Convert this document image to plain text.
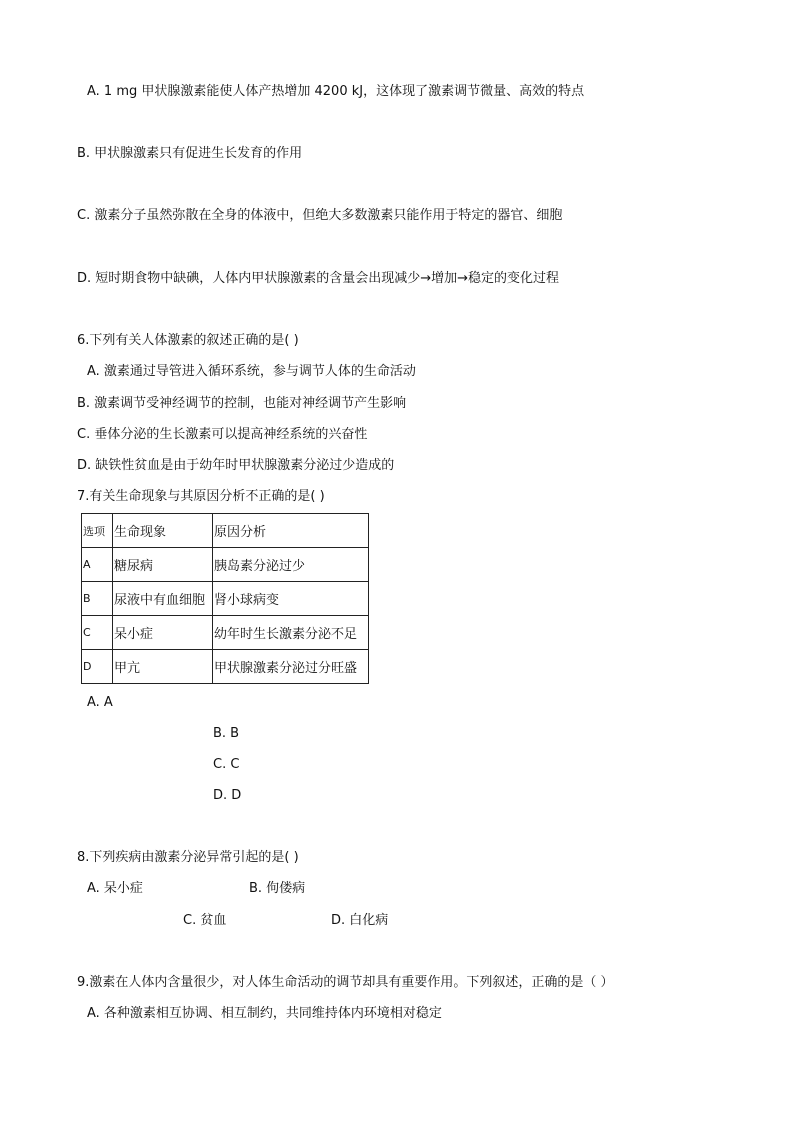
A. 1 mg 甲状腺激素能使人体产热增加 4200 kJ，这体现了激素调节微量、高效的特点
B. 甲状腺激素只有促进生长发育的作用
C. 激素分子虽然弥散在全身的体液中，但绝大多数激素只能作用于特定的器官、细胞
D. 短时期食物中缺碘，人体内甲状腺激素的含量会出现减少→增加→稳定的变化过程
6.下列有关人体激素的叙述正确的是( )
A. 激素通过导管进入循环系统，参与调节人体的生命活动
B. 激素调节受神经调节的控制，也能对神经调节产生影响
C. 垂体分泌的生长激素可以提高神经系统的兴奋性
D. 缺铁性贫血是由于幼年时甲状腺激素分泌过少造成的
7.有关生命现象与其原因分析不正确的是( )
选项	生命现象	原因分析
A	糖尿病	胰岛素分泌过少
B	尿液中有血细胞	肾小球病变
C	呆小症	幼年时生长激素分泌不足
D	甲亢	甲状腺激素分泌过分旺盛
A. A
B. B
C. C
D. D
8.下列疾病由激素分泌异常引起的是( )
A. 呆小症	B. 佝偻病
C. 贫血	D. 白化病
9.激素在人体内含量很少，对人体生命活动的调节却具有重要作用。下列叙述，正确的是（ ）
A. 各种激素相互协调、相互制约，共同维持体内环境相对稳定
